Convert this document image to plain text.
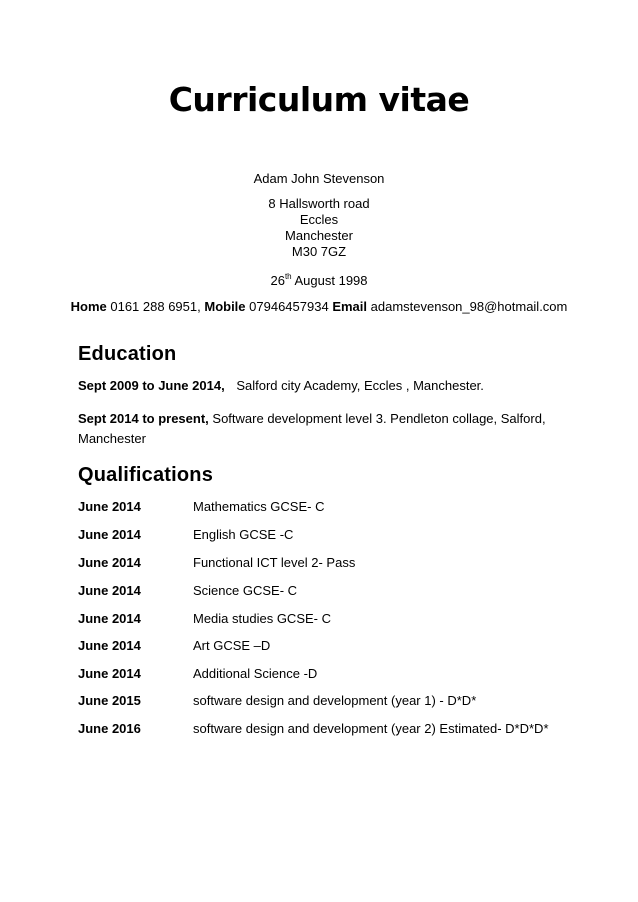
Curriculum vitae
Adam John Stevenson
8 Hallsworth road
Eccles
Manchester
M30 7GZ
26th August 1998
Home 0161 288 6951, Mobile 07946457934 Email adamstevenson_98@hotmail.com
Education
Sept 2009 to June 2014, Salford city Academy, Eccles , Manchester.
Sept 2014 to present, Software development level 3. Pendleton collage, Salford, Manchester
Qualifications
June 2014	Mathematics GCSE- C
June 2014	English GCSE -C
June 2014	Functional ICT level 2- Pass
June 2014	Science GCSE- C
June 2014	Media studies GCSE- C
June 2014	Art GCSE –D
June 2014	Additional Science -D
June 2015	software design and development (year 1) - D*D*
June 2016	software design and development (year 2) Estimated- D*D*D*
